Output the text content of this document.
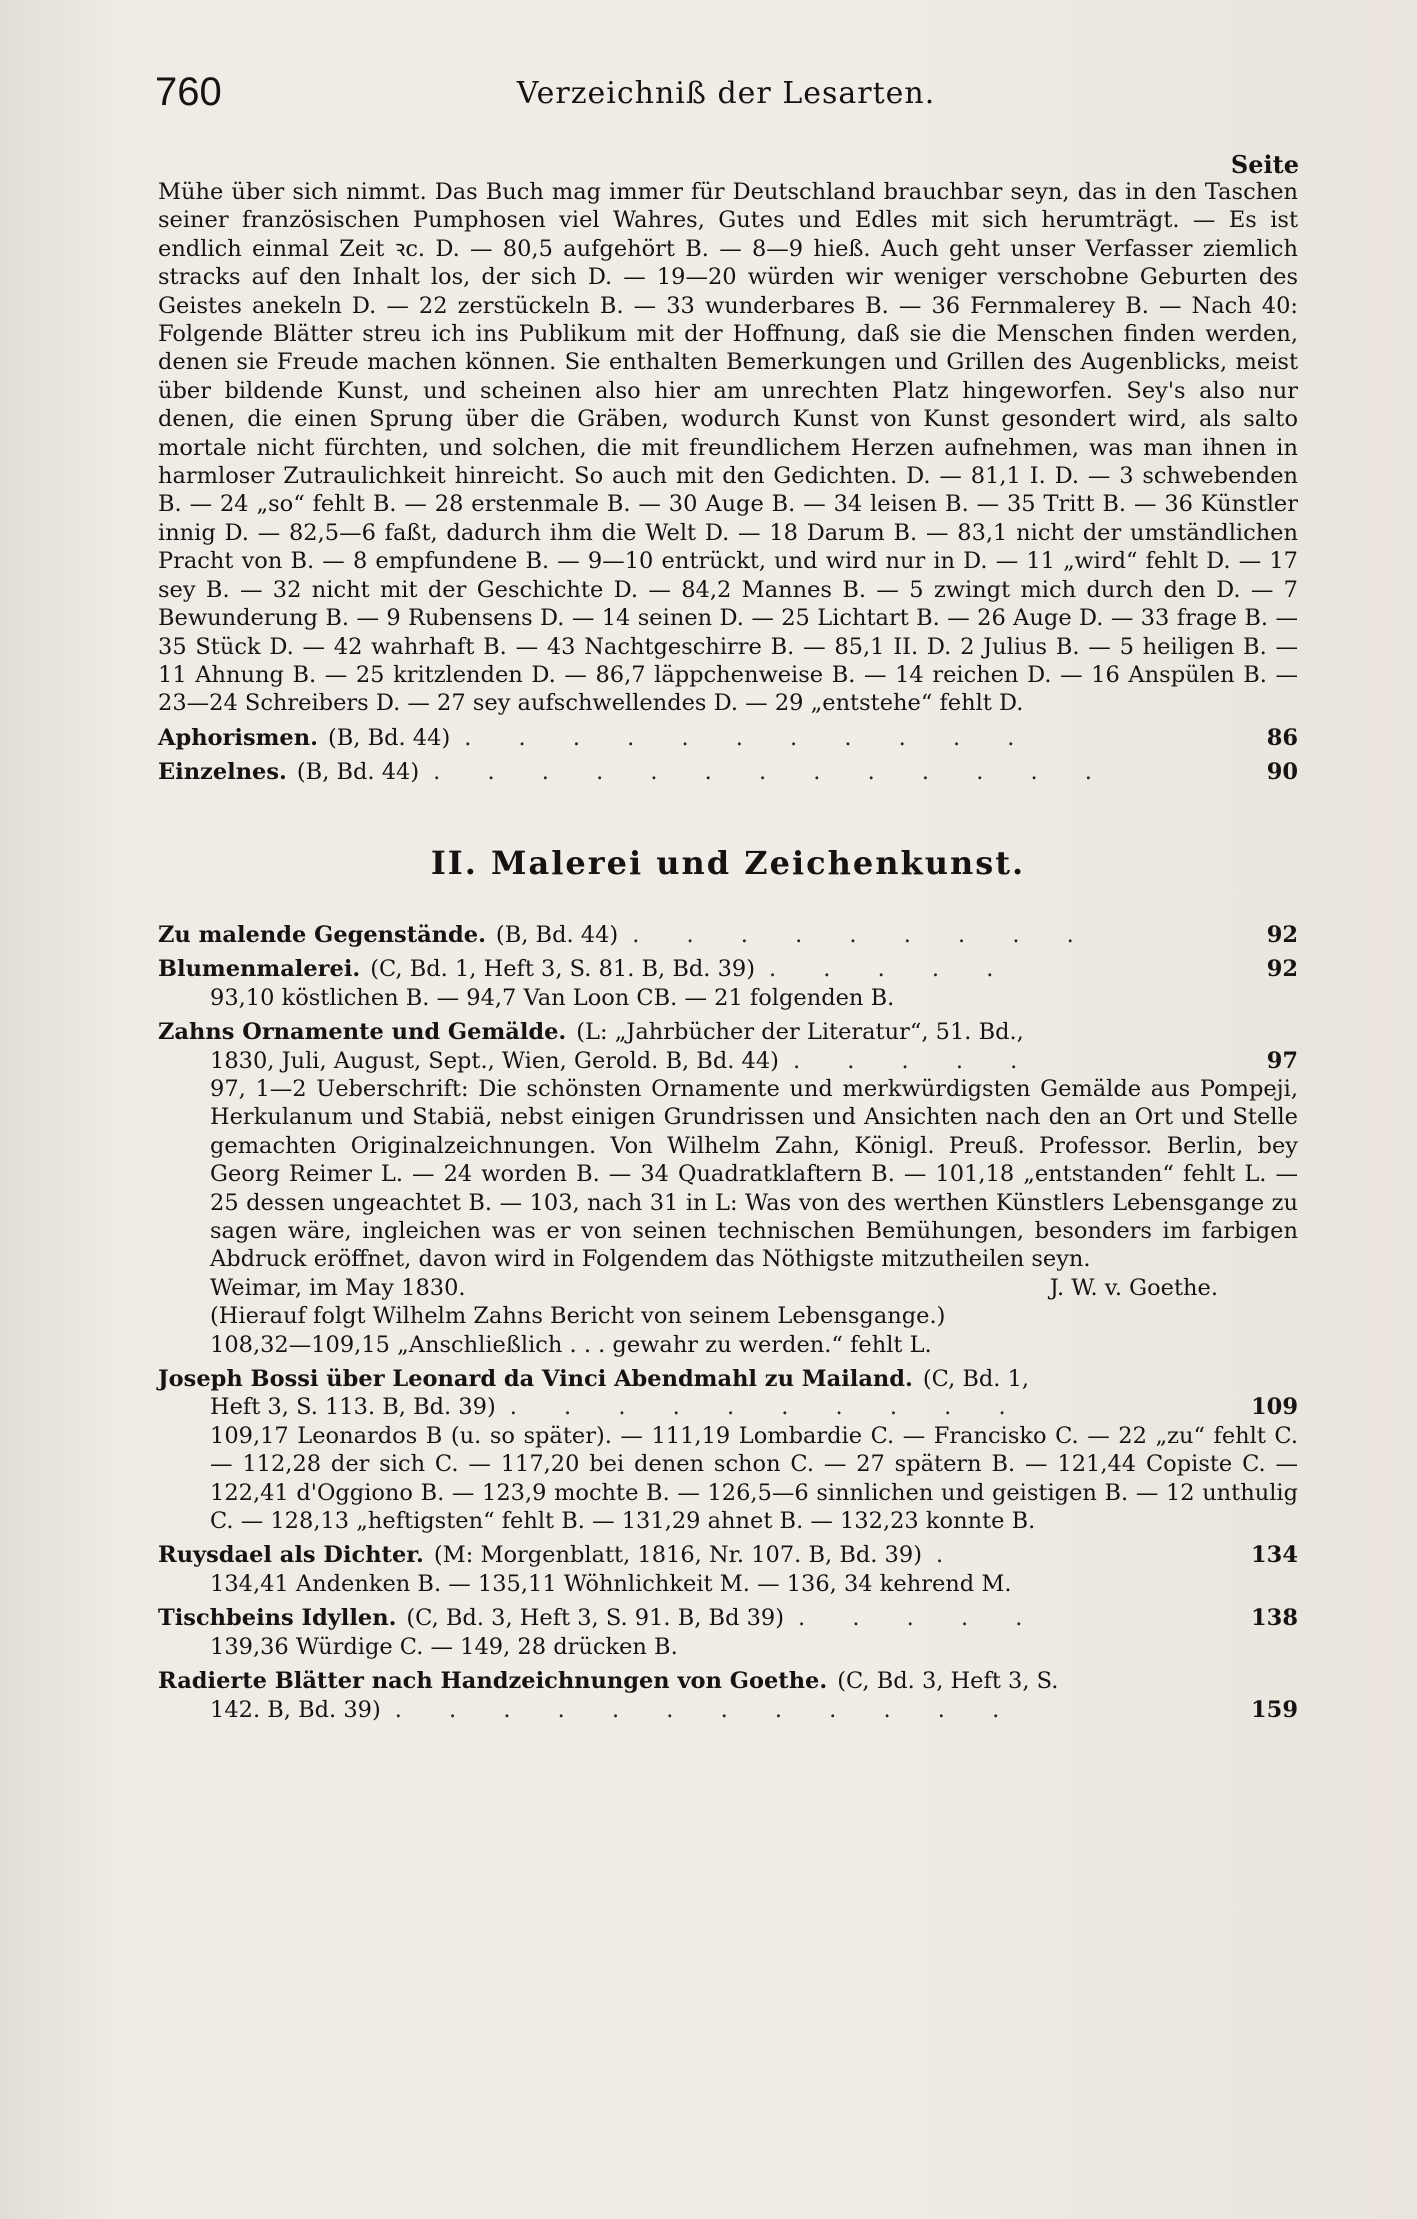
760	Verzeichniß der Lesarten.
Seite

Mühe über sich nimmt. Das Buch mag immer für Deutschland brauchbar seyn, das in den Taschen seiner französischen Pumphosen viel Wahres, Gutes und Edles mit sich herumträgt. — Es ist endlich einmal Zeit ꝛc. D. — 80,5 aufgehört B. — 8—9 hieß. Auch geht unser Verfasser ziemlich stracks auf den Inhalt los, der sich D. — 19—20 würden wir weniger verschobne Geburten des Geistes anekeln D. — 22 zerstückeln B. — 33 wunderbares B. — 36 Fernmalerey B. — Nach 40: Folgende Blätter streu ich ins Publikum mit der Hoffnung, daß sie die Menschen finden werden, denen sie Freude machen können. Sie enthalten Bemerkungen und Grillen des Augenblicks, meist über bildende Kunst, und scheinen also hier am unrechten Platz hingeworfen. Sey's also nur denen, die einen Sprung über die Gräben, wodurch Kunst von Kunst gesondert wird, als salto mortale nicht fürchten, und solchen, die mit freundlichem Herzen aufnehmen, was man ihnen in harmloser Zutraulichkeit hinreicht. So auch mit den Gedichten. D. — 81,1 I. D. — 3 schwebenden B. — 24 „so“ fehlt B. — 28 erstenmale B. — 30 Auge B. — 34 leisen B. — 35 Tritt B. — 36 Künstler innig D. — 82,5—6 faßt, dadurch ihm die Welt D. — 18 Darum B. — 83,1 nicht der umständlichen Pracht von B. — 8 empfundene B. — 9—10 entrückt, und wird nur in D. — 11 „wird“ fehlt D. — 17 sey B. — 32 nicht mit der Geschichte D. — 84,2 Mannes B. — 5 zwingt mich durch den D. — 7 Bewunderung B. — 9 Rubensens D. — 14 seinen D. — 25 Lichtart B. — 26 Auge D. — 33 frage B. — 35 Stück D. — 42 wahrhaft B. — 43 Nachtgeschirre B. — 85,1 II. D. 2 Julius B. — 5 heiligen B. — 11 Ahnung B. — 25 kritzlenden D. — 86,7 läppchenweise B. — 14 reichen D. — 16 Anspülen B. — 23—24 Schreibers D. — 27 sey aufschwellendes D. — 29 „entstehe“ fehlt D.

Aphorismen. (B, Bd. 44) . . . . . . . . . . .	86
Einzelnes. (B, Bd. 44) . . . . . . . . . . . . .	90
II. Malerei und Zeichenkunst.
Zu malende Gegenstände. (B, Bd. 44) . . . . . . . . .	92
Blumenmalerei. (C, Bd. 1, Heft 3, S. 81. B, Bd. 39) . . . . .	92
93,10 köstlichen B. — 94,7 Van Loon CB. — 21 folgenden B.
Zahns Ornamente und Gemälde. (L: „Jahrbücher der Literatur“, 51. Bd.,
1830, Juli, August, Sept., Wien, Gerold. B, Bd. 44) . . . . .	97
97, 1—2 Ueberschrift: Die schönsten Ornamente und merkwürdigsten Gemälde aus Pompeji, Herkulanum und Stabiä, nebst einigen Grundrissen und Ansichten nach den an Ort und Stelle gemachten Originalzeichnungen. Von Wilhelm Zahn, Königl. Preuß. Professor. Berlin, bey Georg Reimer L. — 24 worden B. — 34 Quadratklaftern B. — 101,18 „entstanden“ fehlt L. — 25 dessen ungeachtet B. — 103, nach 31 in L: Was von des werthen Künstlers Lebensgange zu sagen wäre, ingleichen was er von seinen technischen Bemühungen, besonders im farbigen Abdruck eröffnet, davon wird in Folgendem das Nöthigste mitzutheilen seyn.
Weimar, im May 1830.	J. W. v. Goethe.
(Hierauf folgt Wilhelm Zahns Bericht von seinem Lebensgange.)
108,32—109,15 „Anschließlich . . . gewahr zu werden.“ fehlt L.
Joseph Bossi über Leonard da Vinci Abendmahl zu Mailand. (C, Bd. 1,
Heft 3, S. 113. B, Bd. 39) . . . . . . . . . .	109
109,17 Leonardos B (u. so später). — 111,19 Lombardie C. — Francisko C. — 22 „zu“ fehlt C. — 112,28 der sich C. — 117,20 bei denen schon C. — 27 spätern B. — 121,44 Copiste C. — 122,41 d'Oggiono B. — 123,9 mochte B. — 126,5—6 sinnlichen und geistigen B. — 12 unthulig C. — 128,13 „heftigsten“ fehlt B. — 131,29 ahnet B. — 132,23 konnte B.
Ruysdael als Dichter. (M: Morgenblatt, 1816, Nr. 107. B, Bd. 39) .	134
134,41 Andenken B. — 135,11 Wöhnlichkeit M. — 136, 34 kehrend M.
Tischbeins Idyllen. (C, Bd. 3, Heft 3, S. 91. B, Bd 39) . . . . .	138
139,36 Würdige C. — 149, 28 drücken B.
Radierte Blätter nach Handzeichnungen von Goethe. (C, Bd. 3, Heft 3, S.
142. B, Bd. 39) . . . . . . . . . . . .	159
